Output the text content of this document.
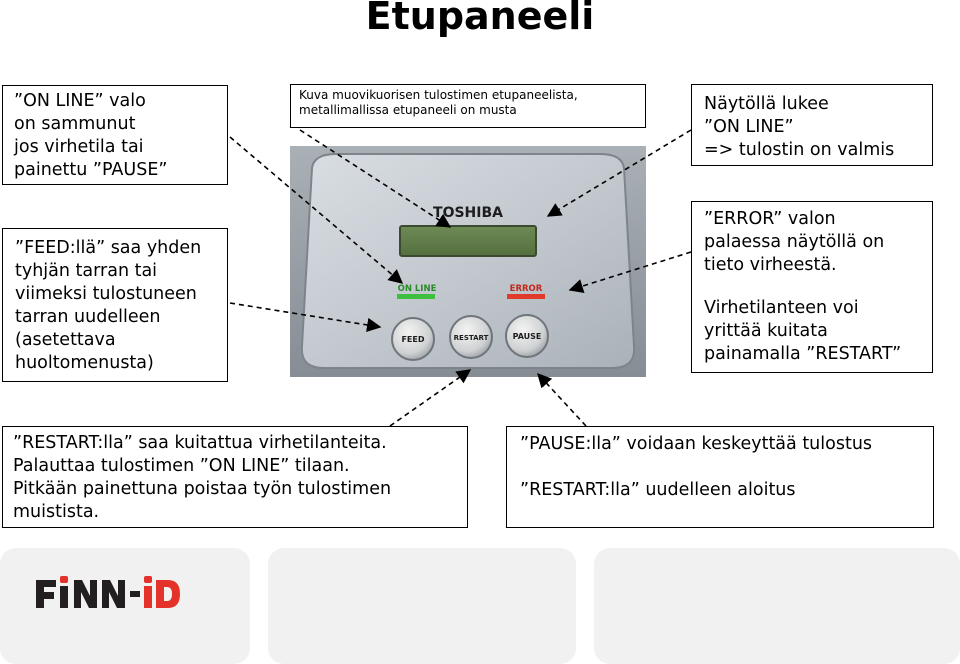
Etupaneeli
”ON LINE” valo
on sammunut
jos virhetila tai
painettu ”PAUSE”
”FEED:llä” saa yhden
tyhjän tarran tai
viimeksi tulostuneen
tarran uudelleen
(asetettava
huoltomenusta)
Kuva muovikuorisen tulostimen etupaneelista,
metallimallissa etupaneeli on musta	Näytöllä lukee
”ON LINE”
=> tulostin on valmis
”ERROR” valon
palaessa näytöllä on
tieto virheestä.
Virhetilanteen voi
yrittää kuitata
painamalla ”RESTART”
”RESTART:lla” saa kuitattua virhetilanteita.
Palauttaa tulostimen ”ON LINE” tilaan.
Pitkään painettuna poistaa työn tulostimen
muistista.
”PAUSE:lla” voidaan keskeyttää tulostus
”RESTART:lla” uudelleen aloitus
TOSHIBA
ON LINE	ERROR
FEED	RESTART	PAUSE
